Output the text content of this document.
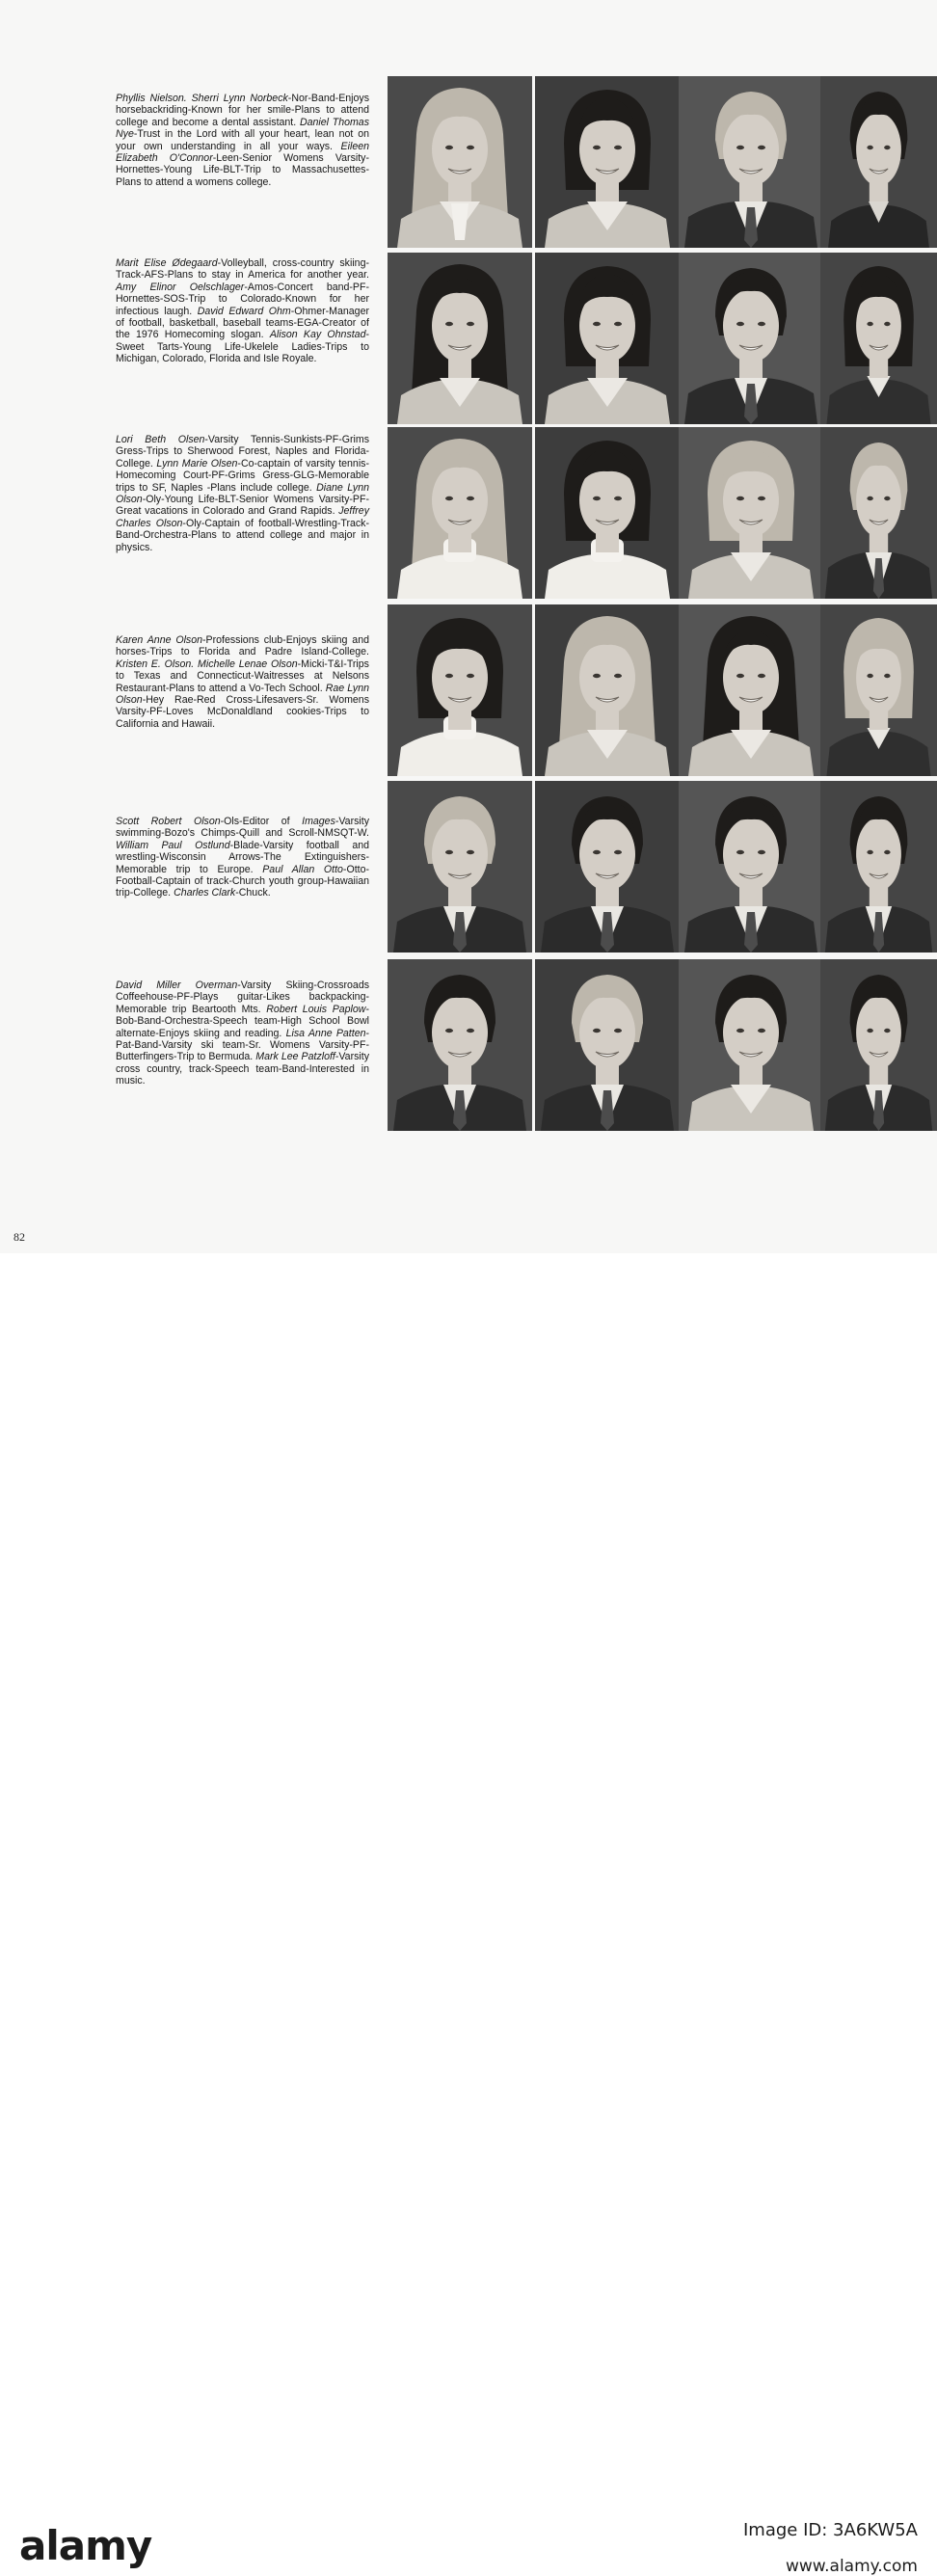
Phyllis Nielson. Sherri Lynn Norbeck-Nor-Band-Enjoys horsebackriding-Known for her smile-Plans to attend college and become a dental assistant. Daniel Thomas Nye-Trust in the Lord with all your heart, lean not on your own understanding in all your ways. Eileen Elizabeth O'Connor-Leen-Senior Womens Varsity-Hornettes-Young Life-BLT-Trip to Massachusettes-Plans to attend a womens college.

Marit Elise Ødegaard-Volleyball, cross-country skiing-Track-AFS-Plans to stay in America for another year. Amy Elinor Oelschlager-Amos-Concert band-PF-Hornettes-SOS-Trip to Colorado-Known for her infectious laugh. David Edward Ohm-Ohmer-Manager of football, basketball, baseball teams-EGA-Creator of the 1976 Homecoming slogan. Alison Kay Ohnstad-Sweet Tarts-Young Life-Ukelele Ladies-Trips to Michigan, Colorado, Florida and Isle Royale.

Lori Beth Olsen-Varsity Tennis-Sunkists-PF-Grims Gress-Trips to Sherwood Forest, Naples and Florida-College. Lynn Marie Olsen-Co-captain of varsity tennis-Homecoming Court-PF-Grims Gress-GLG-Memorable trips to SF, Naples -Plans include college. Diane Lynn Olson-Oly-Young Life-BLT-Senior Womens Varsity-PF-Great vacations in Colorado and Grand Rapids. Jeffrey Charles Olson-Oly-Captain of football-Wrestling-Track-Band-Orchestra-Plans to attend college and major in physics.

Karen Anne Olson-Professions club-Enjoys skiing and horses-Trips to Florida and Padre Island-College. Kristen E. Olson. Michelle Lenae Olson-Micki-T&I-Trips to Texas and Connecticut-Waitresses at Nelsons Restaurant-Plans to attend a Vo-Tech School. Rae Lynn Olson-Hey Rae-Red Cross-Lifesavers-Sr. Womens Varsity-PF-Loves McDonaldland cookies-Trips to California and Hawaii.

Scott Robert Olson-Ols-Editor of Images-Varsity swimming-Bozo's Chimps-Quill and Scroll-NMSQT-W. William Paul Ostlund-Blade-Varsity football and wrestling-Wisconsin Arrows-The Extinguishers-Memorable trip to Europe. Paul Allan Otto-Otto-Football-Captain of track-Church youth group-Hawaiian trip-College. Charles Clark-Chuck.

David Miller Overman-Varsity Skiing-Crossroads Coffeehouse-PF-Plays guitar-Likes backpacking-Memorable trip Beartooth Mts. Robert Louis Paplow-Bob-Band-Orchestra-Speech team-High School Bowl alternate-Enjoys skiing and reading. Lisa Anne Patten-Pat-Band-Varsity ski team-Sr. Womens Varsity-PF-Butterfingers-Trip to Bermuda. Mark Lee Patzloff-Varsity cross country, track-Speech team-Band-Interested in music.

82
alamy	Image ID: 3A6KW5A
www.alamy.com
